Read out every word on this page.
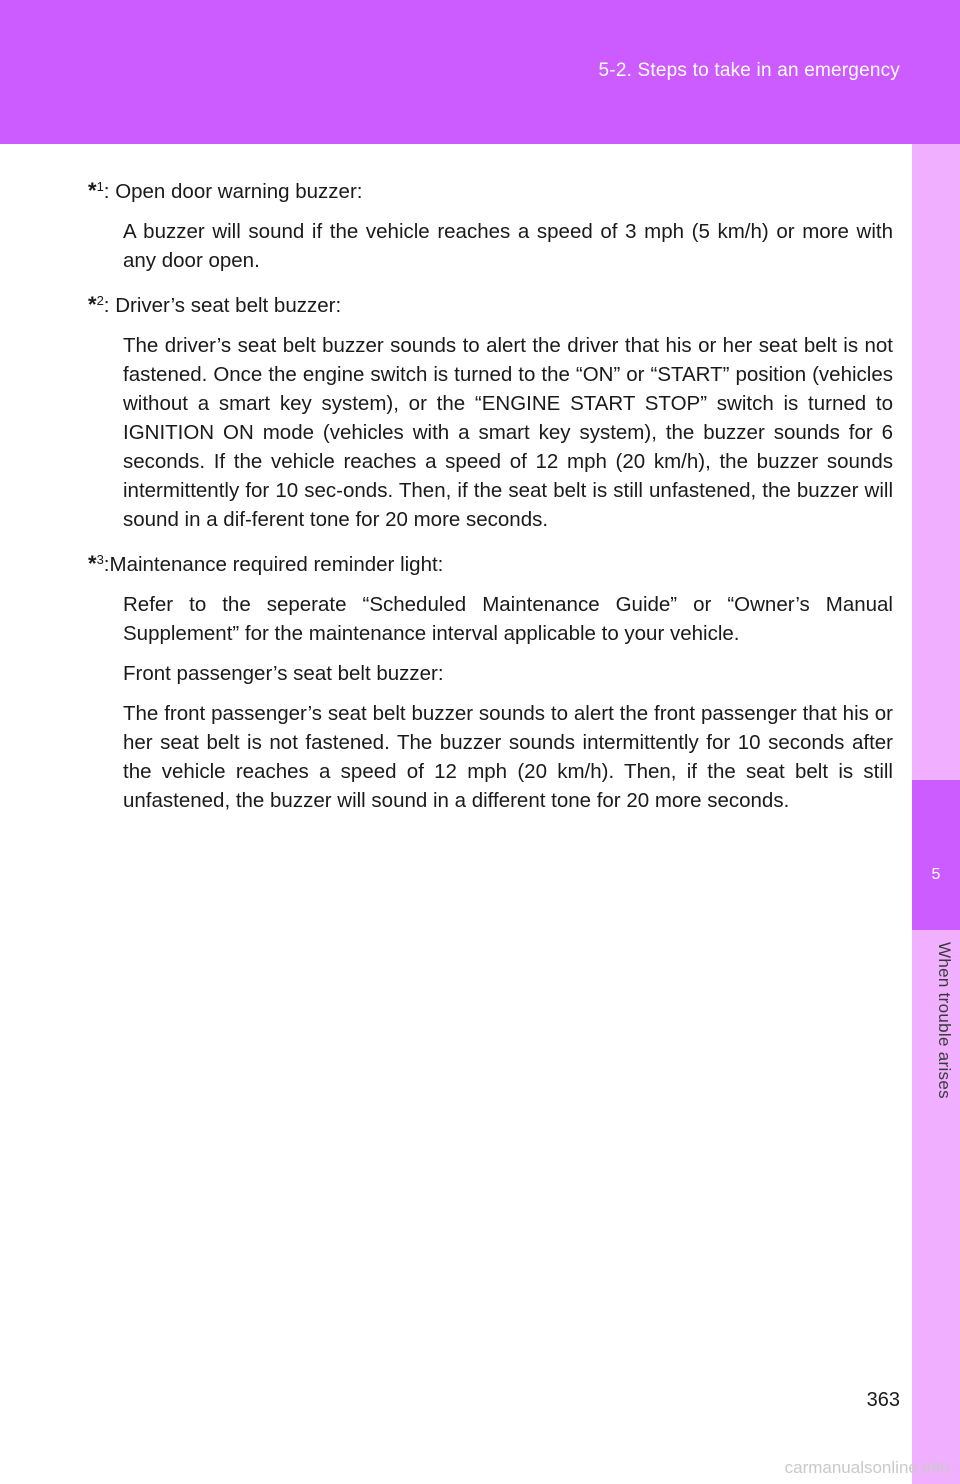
5-2. Steps to take in an emergency
5
When trouble arises

*$^1$: Open door warning buzzer:

A buzzer will sound if the vehicle reaches a speed of 3 mph (5 km/h) or more with any door open.

*$^2$: Driver’s seat belt buzzer:

The driver’s seat belt buzzer sounds to alert the driver that his or her seat belt is not fastened. Once the engine switch is turned to the “ON” or “START” position (vehicles without a smart key system), or the “ENGINE START STOP” switch is turned to IGNITION ON mode (vehicles with a smart key system), the buzzer sounds for 6 seconds. If the vehicle reaches a speed of 12 mph (20 km/h), the buzzer sounds intermittently for 10 sec-onds. Then, if the seat belt is still unfastened, the buzzer will sound in a dif-ferent tone for 20 more seconds.

*$^3$:Maintenance required reminder light:

Refer to the seperate “Scheduled Maintenance Guide” or “Owner’s Manual Supplement” for the maintenance interval applicable to your vehicle.

Front passenger’s seat belt buzzer:

The front passenger’s seat belt buzzer sounds to alert the front passenger that his or her seat belt is not fastened. The buzzer sounds intermittently for 10 seconds after the vehicle reaches a speed of 12 mph (20 km/h). Then, if the seat belt is still unfastened, the buzzer will sound in a different tone for 20 more seconds.

363
carmanualsonline.info
